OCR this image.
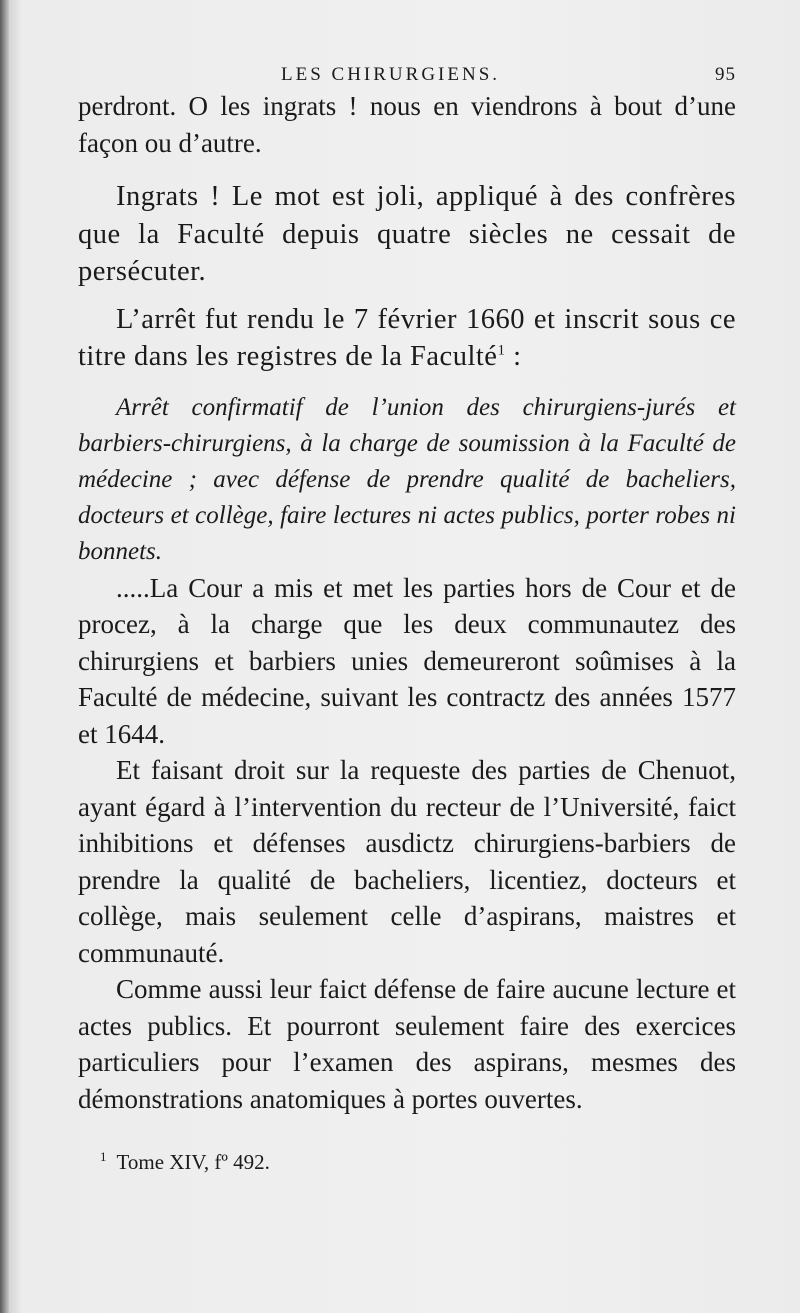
LES CHIRURGIENS.	95

perdront. O les ingrats ! nous en viendrons à bout d’une façon ou d’autre.

Ingrats ! Le mot est joli, appliqué à des confrères que la Faculté depuis quatre siècles ne cessait de persécuter.

L’arrêt fut rendu le 7 février 1660 et inscrit sous ce titre dans les registres de la Faculté$^1$ :

Arrêt confirmatif de l’union des chirurgiens-jurés et barbiers-chirurgiens, à la charge de soumission à la Faculté de médecine ; avec défense de prendre qualité de bacheliers, docteurs et collège, faire lectures ni actes publics, porter robes ni bonnets.

.....La Cour a mis et met les parties hors de Cour et de procez, à la charge que les deux communautez des chirurgiens et barbiers unies demeureront soûmises à la Faculté de médecine, suivant les contractz des années 1577 et 1644.

Et faisant droit sur la requeste des parties de Chenuot, ayant égard à l’intervention du recteur de l’Université, faict inhibitions et défenses ausdictz chirurgiens-barbiers de prendre la qualité de bacheliers, licentiez, docteurs et collège, mais seulement celle d’aspirans, maistres et communauté.

Comme aussi leur faict défense de faire aucune lecture et actes publics. Et pourront seulement faire des exercices particuliers pour l’examen des aspirans, mesmes des démonstrations anatomiques à portes ouvertes.

$^1$ Tome XIV, fº 492.
